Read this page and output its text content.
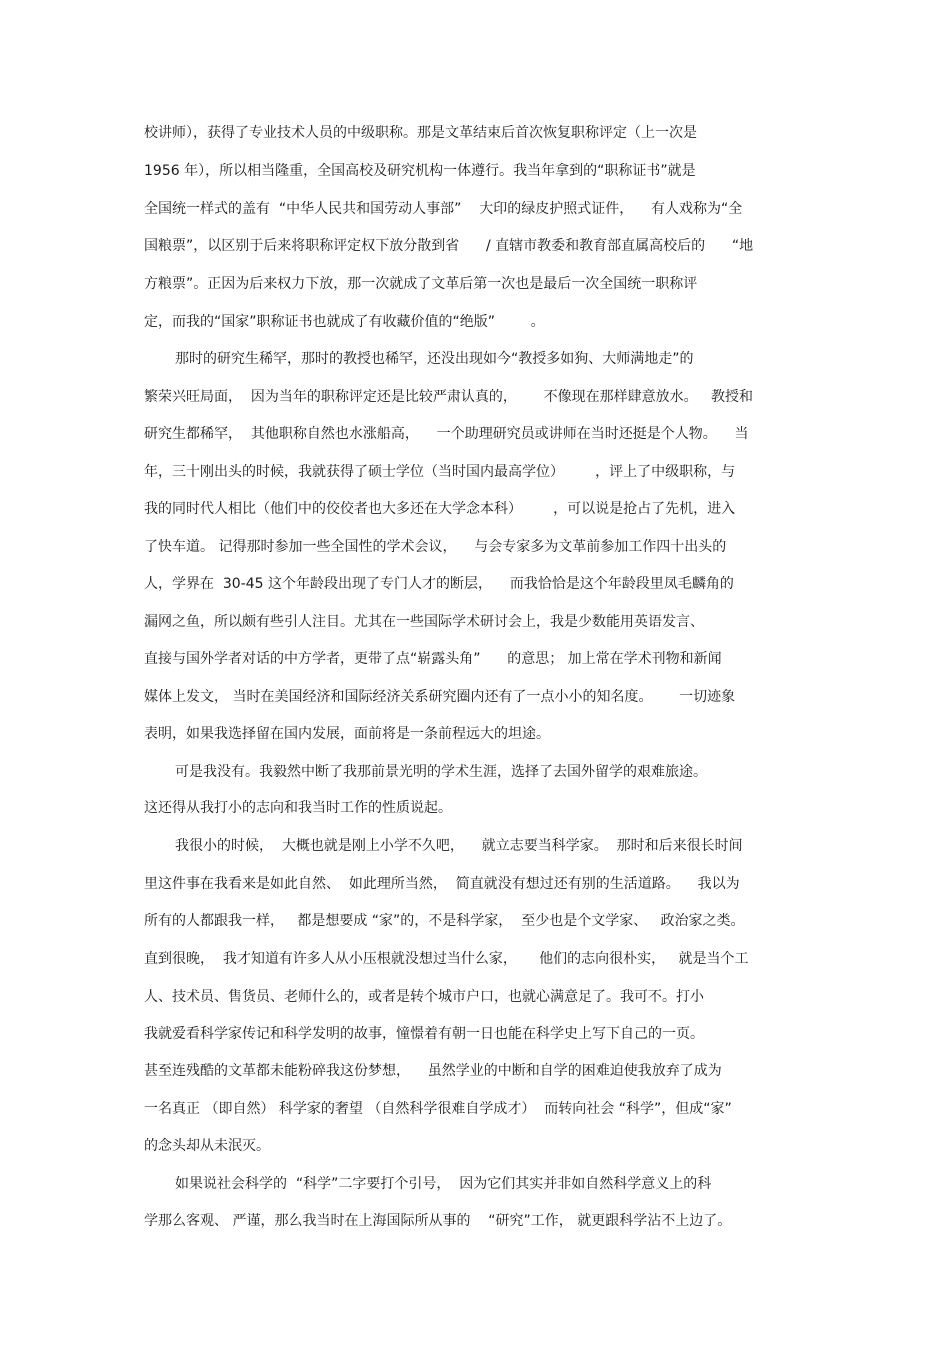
校讲师），获得了专业技术人员的中级职称。那是文革结束后首次恢复职称评定（上一次是
1956 年），所以相当隆重，全国高校及研究机构一体遵行。我当年拿到的“职称证书”就是
全国统一样式的盖有  “中华人民共和国劳动人事部”    大印的绿皮护照式证件，    有人戏称为“全
国粮票”，以区别于后来将职称评定权下放分散到省      / 直辖市教委和教育部直属高校后的      “地
方粮票”。正因为后来权力下放，那一次就成了文革后第一次也是最后一次全国统一职称评
定，而我的“国家”职称证书也就成了有收藏价值的“绝版”        。
那时的研究生稀罕，那时的教授也稀罕，还没出现如今“教授多如狗、大师满地走”的
繁荣兴旺局面，  因为当年的职称评定还是比较严肃认真的，      不像现在那样肆意放水。   教授和
研究生都稀罕，  其他职称自然也水涨船高，    一个助理研究员或讲师在当时还挺是个人物。    当
年，三十刚出头的时候，我就获得了硕士学位（当时国内最高学位）       ，评上了中级职称，与
我的同时代人相比（他们中的佼佼者也大多还在大学念本科）       ，可以说是抢占了先机，进入
了快车道。 记得那时参加一些全国性的学术会议，    与会专家多为文革前参加工作四十出头的
人，学界在  30-45 这个年龄段出现了专门人才的断层，    而我恰恰是这个年龄段里凤毛麟角的
漏网之鱼，所以颇有些引人注目。尤其在一些国际学术研讨会上，我是少数能用英语发言、
直接与国外学者对话的中方学者，更带了点“崭露头角”      的意思； 加上常在学术刊物和新闻
媒体上发文， 当时在美国经济和国际经济关系研究圈内还有了一点小小的知名度。      一切迹象
表明，如果我选择留在国内发展，面前将是一条前程远大的坦途。
可是我没有。我毅然中断了我那前景光明的学术生涯，选择了去国外留学的艰难旅途。
这还得从我打小的志向和我当时工作的性质说起。
我很小的时候，  大概也就是刚上小学不久吧，    就立志要当科学家。  那时和后来很长时间
里这件事在我看来是如此自然、  如此理所当然，  简直就没有想过还有别的生活道路。    我以为
所有的人都跟我一样，   都是想要成 “家”的，不是科学家，  至少也是个文学家、   政治家之类。
直到很晚，  我才知道有许多人从小压根就没想过当什么家，     他们的志向很朴实，   就是当个工
人、技术员、售货员、老师什么的，或者是转个城市户口，也就心满意足了。我可不。打小
我就爱看科学家传记和科学发明的故事，憧憬着有朝一日也能在科学史上写下自己的一页。
甚至连残酷的文革都未能粉碎我这份梦想，    虽然学业的中断和自学的困难迫使我放弃了成为
一名真正 （即自然） 科学家的奢望 （自然科学很难自学成才）  而转向社会 “科学”，但成“家”
的念头却从未泯灭。
如果说社会科学的  “科学”二字要打个引号，  因为它们其实并非如自然科学意义上的科
学那么客观、 严谨，那么我当时在上海国际所从事的    “研究”工作， 就更跟科学沾不上边了。
